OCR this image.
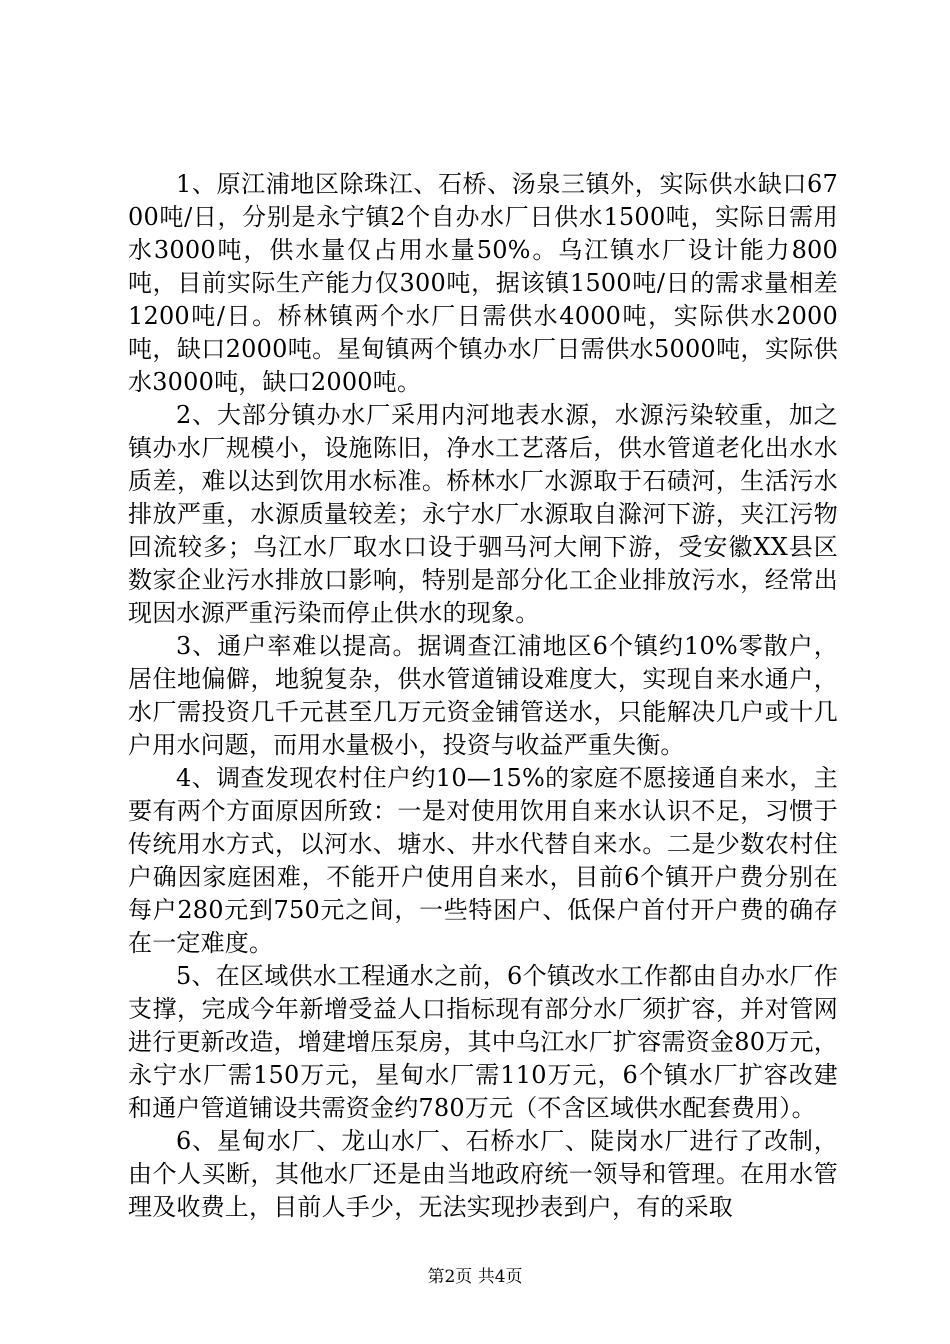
1、原江浦地区除珠江、石桥、汤泉三镇外，实际供水缺口6700吨/日，分别是永宁镇2个自办水厂日供水1500吨，实际日需用水3000吨，供水量仅占用水量50%。乌江镇水厂设计能力800吨，目前实际生产能力仅300吨，据该镇1500吨/日的需求量相差1200吨/日。桥林镇两个水厂日需供水4000吨，实际供水2000吨，缺口2000吨。星甸镇两个镇办水厂日需供水5000吨，实际供水3000吨，缺口2000吨。

2、大部分镇办水厂采用内河地表水源，水源污染较重，加之镇办水厂规模小，设施陈旧，净水工艺落后，供水管道老化出水水质差，难以达到饮用水标准。桥林水厂水源取于石碛河，生活污水排放严重，水源质量较差；永宁水厂水源取自滁河下游，夹江污物回流较多；乌江水厂取水口设于驷马河大闸下游，受安徽XX县区数家企业污水排放口影响，特别是部分化工企业排放污水，经常出现因水源严重污染而停止供水的现象。

3、通户率难以提高。据调查江浦地区6个镇约10%零散户，居住地偏僻，地貌复杂，供水管道铺设难度大，实现自来水通户，水厂需投资几千元甚至几万元资金铺管送水，只能解决几户或十几户用水问题，而用水量极小，投资与收益严重失衡。

4、调查发现农村住户约10—15%的家庭不愿接通自来水，主要有两个方面原因所致：一是对使用饮用自来水认识不足，习惯于传统用水方式，以河水、塘水、井水代替自来水。二是少数农村住户确因家庭困难，不能开户使用自来水，目前6个镇开户费分别在每户280元到750元之间，一些特困户、低保户首付开户费的确存在一定难度。

5、在区域供水工程通水之前，6个镇改水工作都由自办水厂作支撑，完成今年新增受益人口指标现有部分水厂须扩容，并对管网进行更新改造，增建增压泵房，其中乌江水厂扩容需资金80万元，永宁水厂需150万元，星甸水厂需110万元，6个镇水厂扩容改建和通户管道铺设共需资金约780万元（不含区域供水配套费用）。

6、星甸水厂、龙山水厂、石桥水厂、陡岗水厂进行了改制，由个人买断，其他水厂还是由当地政府统一领导和管理。在用水管理及收费上，目前人手少，无法实现抄表到户，有的采取

第2页 共4页
